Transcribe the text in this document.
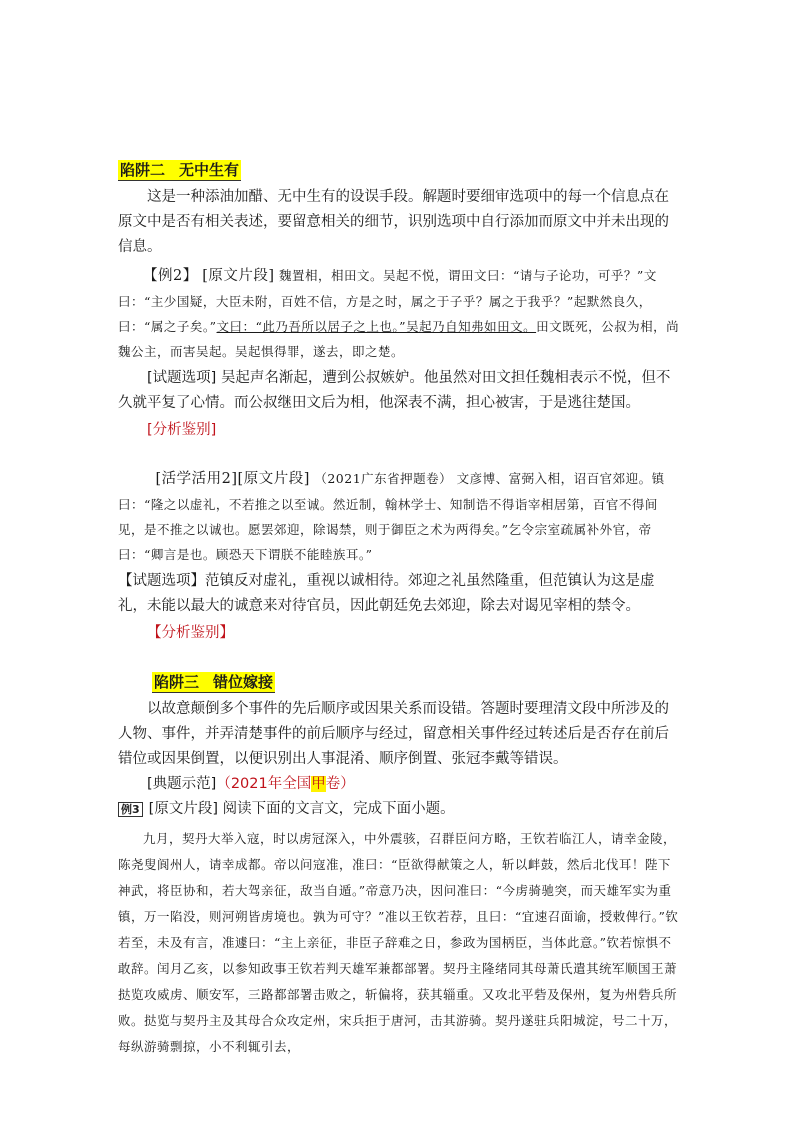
陷阱二 无中生有

这是一种添油加醋、无中生有的设误手段。解题时要细审选项中的每一个信息点在原文中是否有相关表述，要留意相关的细节，识别选项中自行添加而原文中并未出现的信息。

【例2】 [原文片段] 魏置相，相田文。吴起不悦，谓田文曰：“请与子论功，可乎？”文曰：“主少国疑，大臣未附，百姓不信，方是之时，属之于子乎？属之于我乎？”起默然良久，曰：“属之子矣。”文曰：“此乃吾所以居子之上也。”吴起乃自知弗如田文。田文既死，公叔为相，尚魏公主，而害吴起。吴起惧得罪，遂去，即之楚。

[试题选项] 吴起声名渐起，遭到公叔嫉妒。他虽然对田文担任魏相表示不悦，但不久就平复了心情。而公叔继田文后为相，他深表不满，担心被害，于是逃往楚国。

[分析鉴别]

[活学活用2][原文片段] （2021广东省押题卷） 文彦博、富弼入相，诏百官郊迎。镇曰：“隆之以虚礼，不若推之以至诚。然近制，翰林学士、知制诰不得诣宰相居第，百官不得间见，是不推之以诚也。愿罢郊迎，除谒禁，则于御臣之术为两得矣。”乞令宗室疏属补外官，帝曰：“卿言是也。顾恐天下谓朕不能睦族耳。”

【试题选项】范镇反对虚礼，重视以诚相待。郊迎之礼虽然隆重，但范镇认为这是虚礼，未能以最大的诚意来对待官员，因此朝廷免去郊迎，除去对谒见宰相的禁令。

【分析鉴别】

陷阱三 错位嫁接

以故意颠倒多个事件的先后顺序或因果关系而设错。答题时要理清文段中所涉及的人物、事件，并弄清楚事件的前后顺序与经过，留意相关事件经过转述后是否存在前后错位或因果倒置，以便识别出人事混淆、顺序倒置、张冠李戴等错误。

[典题示范]（2021年全国甲卷）

例3 [原文片段] 阅读下面的文言文，完成下面小题。

九月，契丹大举入寇，时以虏冠深入，中外震骇，召群臣问方略，王钦若临江人，请幸金陵，陈尧叟阆州人，请幸成都。帝以问寇准，准曰：“臣欲得献策之人，斩以衅鼓，然后北伐耳！陛下神武，将臣协和，若大驾亲征，敌当自遁。”帝意乃决，因问准曰：“今虏骑驰突，而天雄军实为重镇，万一陷没，则河朔皆虏境也。孰为可守？”准以王钦若荐，且曰：“宜速召面谕，授敕俾行。”钦若至，未及有言，准遽曰：“主上亲征，非臣子辞难之日，参政为国柄臣，当体此意。”钦若惊惧不敢辞。闰月乙亥，以参知政事王钦若判天雄军兼都部署。契丹主隆绪同其母萧氏遣其统军顺国王萧挞览攻威虏、顺安军，三路都部署击败之，斩偏将，获其辎重。又攻北平砦及保州，复为州砦兵所败。挞览与契丹主及其母合众攻定州，宋兵拒于唐河，击其游骑。契丹遂驻兵阳城淀，号二十万，每纵游骑剽掠，小不利辄引去，
